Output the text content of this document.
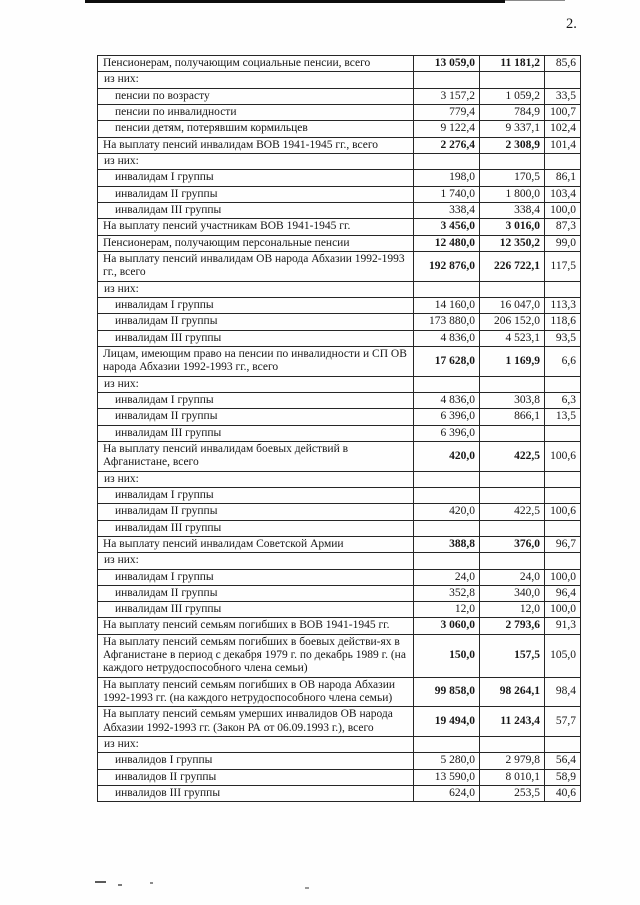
2.
Пенсионерам, получающим социальные пенсии, всего	13 059,0	11 181,2	85,6
из них:			
пенсии по возрасту	3 157,2	1 059,2	33,5
пенсии по инвалидности	779,4	784,9	100,7
пенсии детям, потерявшим кормильцев	9 122,4	9 337,1	102,4
На выплату пенсий инвалидам ВОВ 1941-1945 гг., всего	2 276,4	2 308,9	101,4
из них:			
инвалидам I группы	198,0	170,5	86,1
инвалидам II группы	1 740,0	1 800,0	103,4
инвалидам III группы	338,4	338,4	100,0
На выплату пенсий участникам ВОВ 1941-1945 гг.	3 456,0	3 016,0	87,3
Пенсионерам, получающим персональные пенсии	12 480,0	12 350,2	99,0
На выплату пенсий инвалидам ОВ народа Абхазии 1992-1993 гг., всего	192 876,0	226 722,1	117,5
из них:			
инвалидам I группы	14 160,0	16 047,0	113,3
инвалидам II группы	173 880,0	206 152,0	118,6
инвалидам III группы	4 836,0	4 523,1	93,5
Лицам, имеющим право на пенсии по инвалидности и СП ОВ народа Абхазии 1992-1993 гг., всего	17 628,0	1 169,9	6,6
из них:			
инвалидам I группы	4 836,0	303,8	6,3
инвалидам II группы	6 396,0	866,1	13,5
инвалидам III группы	6 396,0		
На выплату пенсий инвалидам боевых действий в Афганистане, всего	420,0	422,5	100,6
из них:			
инвалидам I группы			
инвалидам II группы	420,0	422,5	100,6
инвалидам III группы			
На выплату пенсий инвалидам Советской Армии	388,8	376,0	96,7
из них:			
инвалидам I группы	24,0	24,0	100,0
инвалидам II группы	352,8	340,0	96,4
инвалидам III группы	12,0	12,0	100,0
На выплату пенсий семьям погибших в ВОВ 1941-1945 гг.	3 060,0	2 793,6	91,3
На выплату пенсий семьям погибших в боевых действи-ях в Афганистане в период с декабря 1979 г. по декабрь 1989 г. (на каждого нетрудоспособного члена семьи)	150,0	157,5	105,0
На выплату пенсий семьям погибших в ОВ народа Абхазии 1992-1993 гг. (на каждого нетрудоспособного члена семьи)	99 858,0	98 264,1	98,4
На выплату пенсий семьям умерших инвалидов ОВ народа Абхазии 1992-1993 гг. (Закон РА от 06.09.1993 г.), всего	19 494,0	11 243,4	57,7
из них:			
инвалидов I группы	5 280,0	2 979,8	56,4
инвалидов II группы	13 590,0	8 010,1	58,9
инвалидов III группы	624,0	253,5	40,6
